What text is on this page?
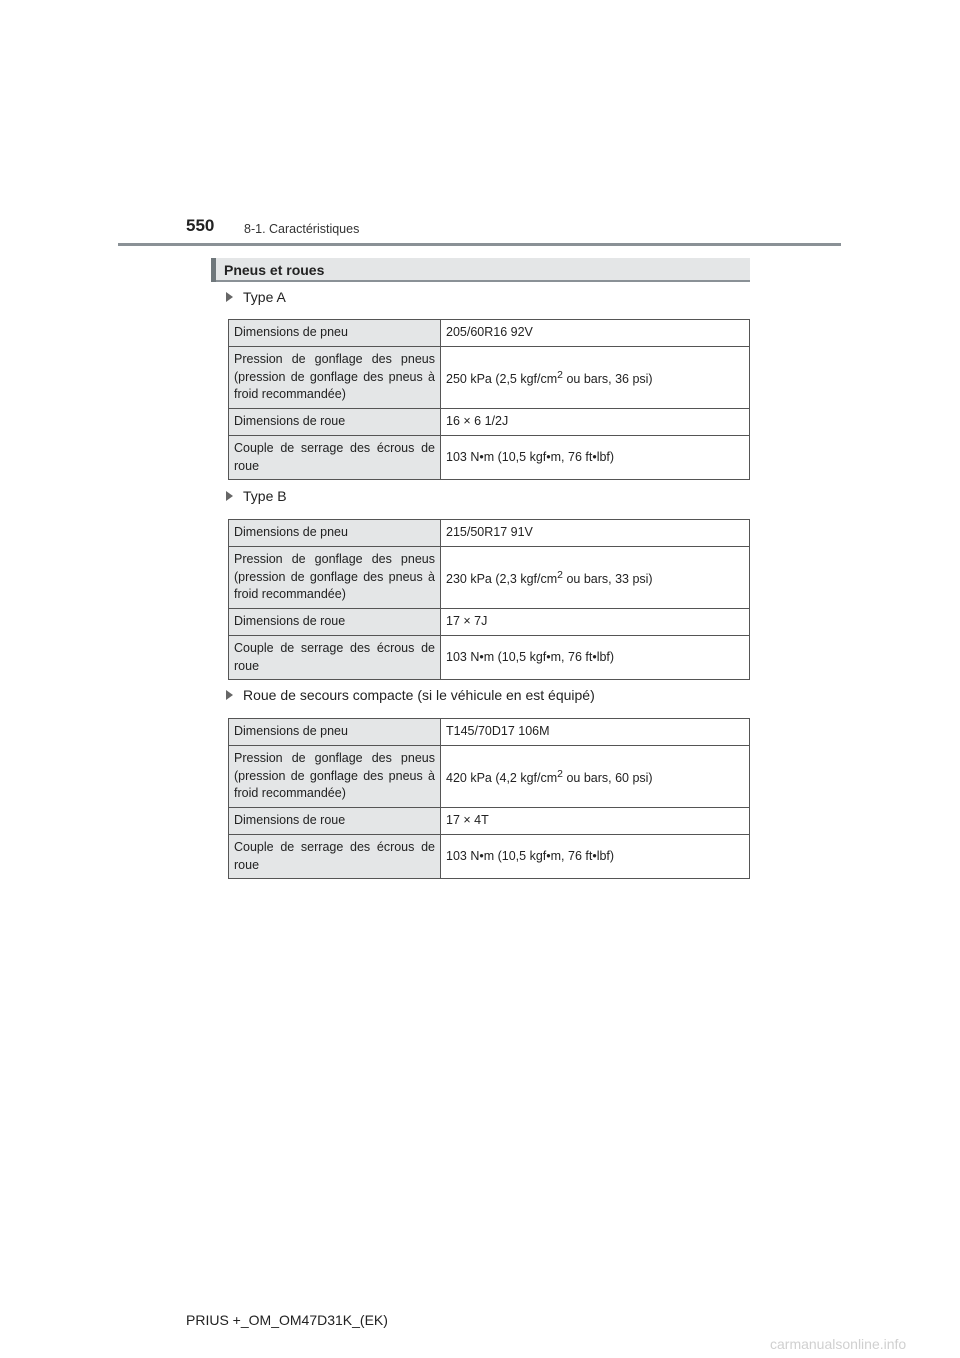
550 8-1. Caractéristiques
Pneus et roues
Type A
Dimensions de pneu	205/60R16 92V
Pression de gonflage des pneus (pression de gonflage des pneus à froid recommandée)	250 kPa (2,5 kgf/$cm^2$ ou bars, 36 psi)
Dimensions de roue	16 × 6 1/2J
Couple de serrage des écrous de roue	103 N•m (10,5 kgf•m, 76 ft•lbf)
Type B
Dimensions de pneu	215/50R17 91V
Pression de gonflage des pneus (pression de gonflage des pneus à froid recommandée)	230 kPa (2,3 kgf/$cm^2$ ou bars, 33 psi)
Dimensions de roue	17 × 7J
Couple de serrage des écrous de roue	103 N•m (10,5 kgf•m, 76 ft•lbf)
Roue de secours compacte (si le véhicule en est équipé)
Dimensions de pneu	T145/70D17 106M
Pression de gonflage des pneus (pression de gonflage des pneus à froid recommandée)	420 kPa (4,2 kgf/$cm^2$ ou bars, 60 psi)
Dimensions de roue	17 × 4T
Couple de serrage des écrous de roue	103 N•m (10,5 kgf•m, 76 ft•lbf)
PRIUS +_OM_OM47D31K_(EK)
carmanualsonline.info
